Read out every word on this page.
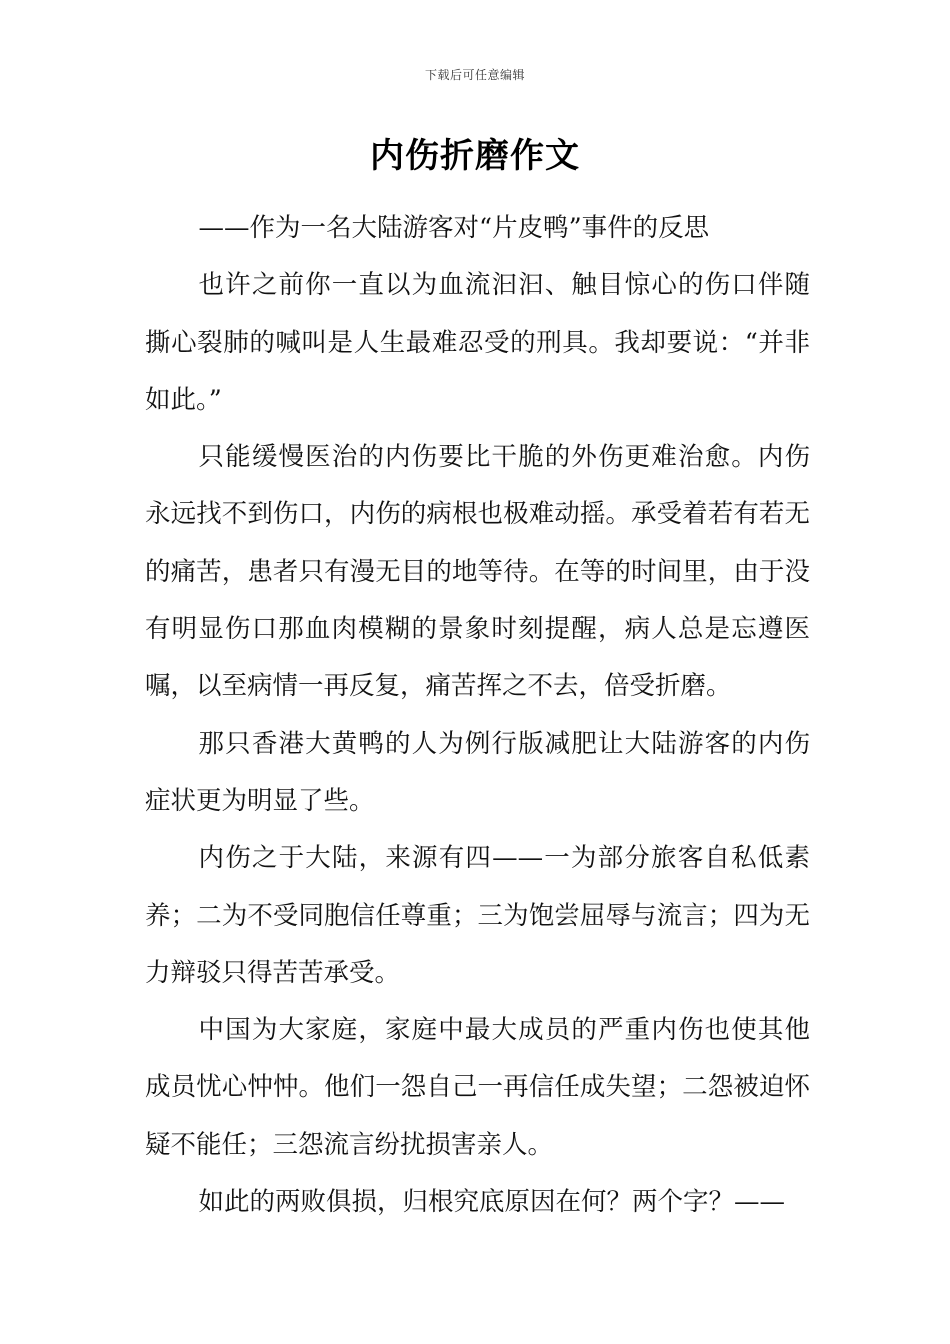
下载后可任意编辑
内伤折磨作文

——作为一名大陆游客对“片皮鸭”事件的反思

也许之前你一直以为血流汩汩、触目惊心的伤口伴随撕心裂肺的喊叫是人生最难忍受的刑具。我却要说：“并非如此。”

只能缓慢医治的内伤要比干脆的外伤更难治愈。内伤永远找不到伤口，内伤的病根也极难动摇。承受着若有若无的痛苦，患者只有漫无目的地等待。在等的时间里，由于没有明显伤口那血肉模糊的景象时刻提醒，病人总是忘遵医嘱，以至病情一再反复，痛苦挥之不去，倍受折磨。

那只香港大黄鸭的人为例行版减肥让大陆游客的内伤症状更为明显了些。

内伤之于大陆，来源有四——一为部分旅客自私低素养；二为不受同胞信任尊重；三为饱尝屈辱与流言；四为无力辩驳只得苦苦承受。

中国为大家庭，家庭中最大成员的严重内伤也使其他成员忧心忡忡。他们一怨自己一再信任成失望；二怨被迫怀疑不能任；三怨流言纷扰损害亲人。

如此的两败俱损，归根究底原因在何？两个字？——
